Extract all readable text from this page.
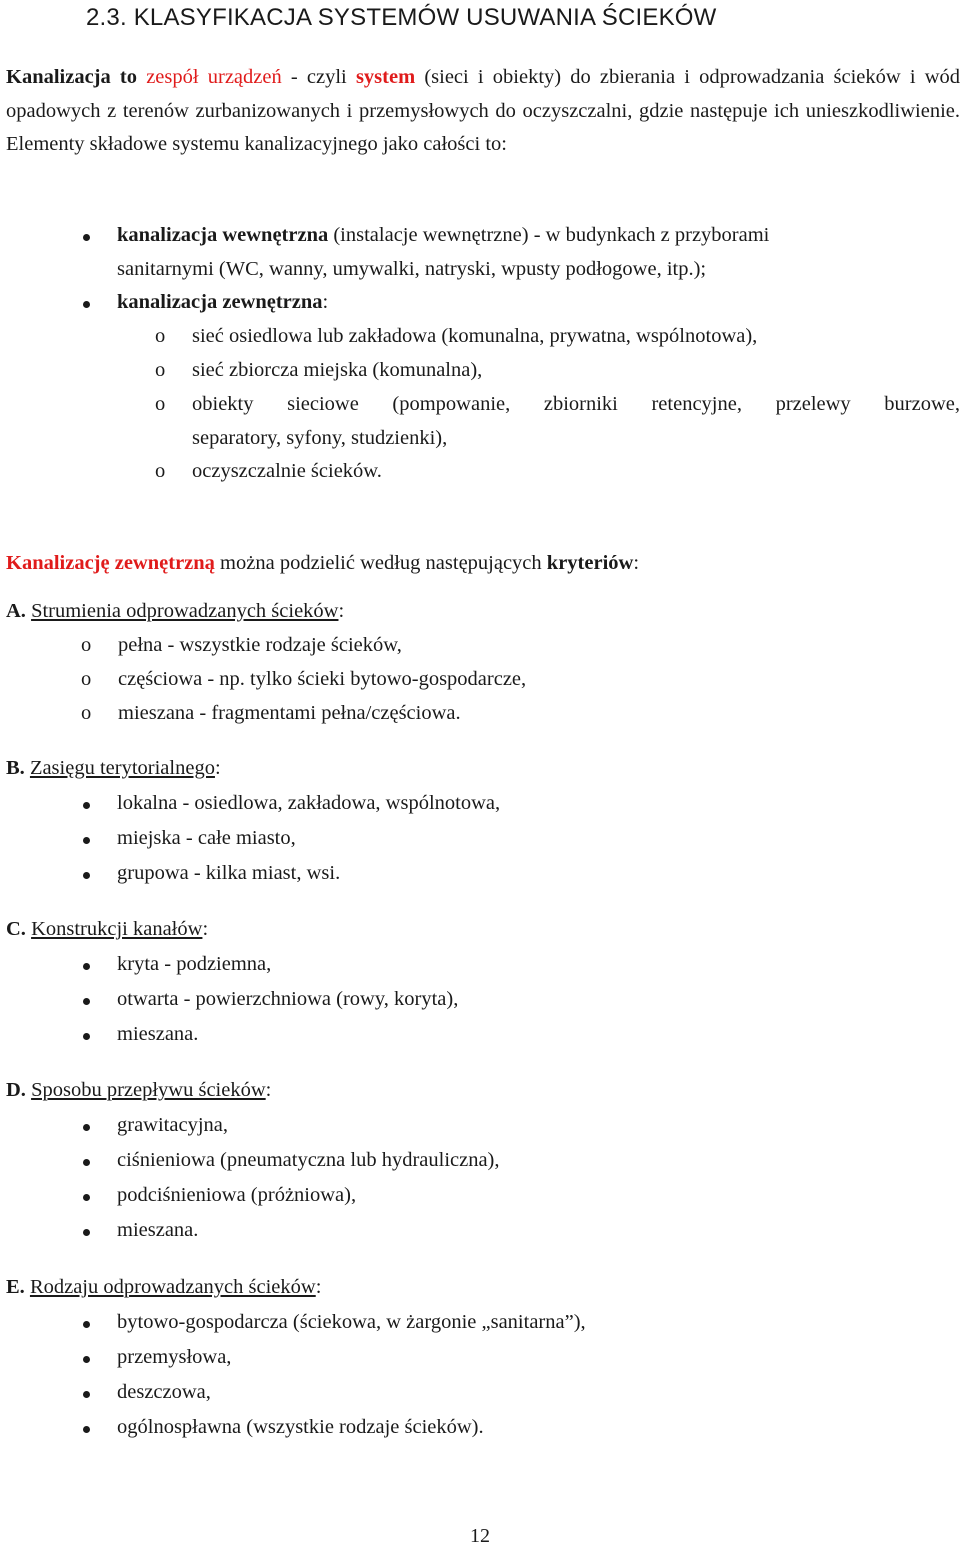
2.3. KLASYFIKACJA SYSTEMÓW USUWANIA ŚCIEKÓW
Kanalizacja to zespół urządzeń - czyli system (sieci i obiekty) do zbierania i odprowadzania ścieków i wód opadowych z terenów zurbanizowanych i przemysłowych do oczyszczalni, gdzie następuje ich unieszkodliwienie. Elementy składowe systemu kanalizacyjnego jako całości to:
kanalizacja wewnętrzna (instalacje wewnętrzne) - w budynkach z przyborami
sanitarnymi (WC, wanny, umywalki, natryski, wpusty podłogowe, itp.);
kanalizacja zewnętrzna:
o sieć osiedlowa lub zakładowa (komunalna, prywatna, wspólnotowa),
o sieć zbiorcza miejska (komunalna),
o obiekty sieciowe (pompowanie, zbiorniki retencyjne, przelewy burzowe,
separatory, syfony, studzienki),
o oczyszczalnie ścieków.
Kanalizację zewnętrzną można podzielić według następujących kryteriów:
A. Strumienia odprowadzanych ścieków:
o pełna - wszystkie rodzaje ścieków,
o częściowa - np. tylko ścieki bytowo-gospodarcze,
o mieszana - fragmentami pełna/częściowa.
B. Zasięgu terytorialnego:
lokalna - osiedlowa, zakładowa, wspólnotowa,
miejska - całe miasto,
grupowa - kilka miast, wsi.
C. Konstrukcji kanałów:
kryta - podziemna,
otwarta - powierzchniowa (rowy, koryta),
mieszana.
D. Sposobu przepływu ścieków:
grawitacyjna,
ciśnieniowa (pneumatyczna lub hydrauliczna),
podciśnieniowa (próżniowa),
mieszana.
E. Rodzaju odprowadzanych ścieków:
bytowo-gospodarcza (ściekowa, w żargonie „sanitarna”),
przemysłowa,
deszczowa,
ogólnospławna (wszystkie rodzaje ścieków).
12
